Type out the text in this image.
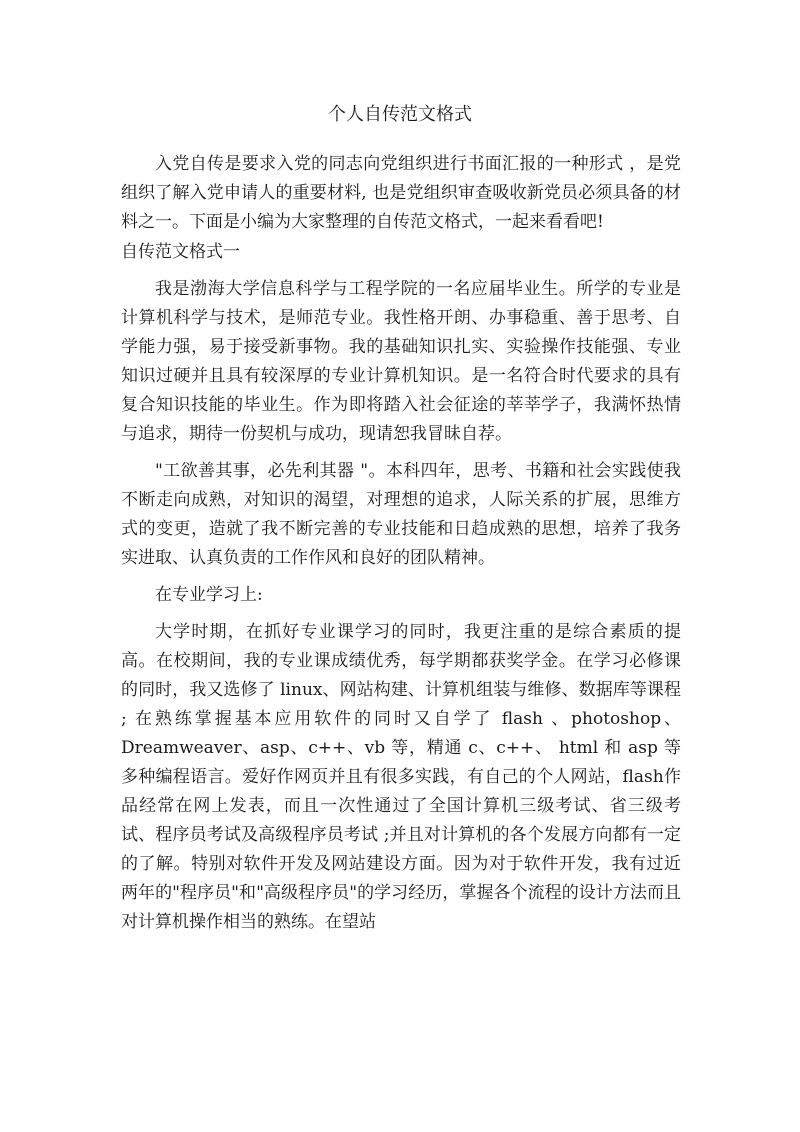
个人自传范文格式

入党自传是要求入党的同志向党组织进行书面汇报的一种形式 ，是党组织了解入党申请人的重要材料, 也是党组织审查吸收新党员必须具备的材料之一。下面是小编为大家整理的自传范文格式，一起来看看吧!

自传范文格式一

我是渤海大学信息科学与工程学院的一名应届毕业生。所学的专业是计算机科学与技术，是师范专业。我性格开朗、办事稳重、善于思考、自学能力强，易于接受新事物。我的基础知识扎实、实验操作技能强、专业知识过硬并且具有较深厚的专业计算机知识。是一名符合时代要求的具有复合知识技能的毕业生。作为即将踏入社会征途的莘莘学子，我满怀热情与追求，期待一份契机与成功，现请恕我冒昧自荐。

"工欲善其事，必先利其器 "。本科四年，思考、书籍和社会实践使我不断走向成熟，对知识的渴望，对理想的追求，人际关系的扩展，思维方式的变更，造就了我不断完善的专业技能和日趋成熟的思想，培养了我务实进取、认真负责的工作作风和良好的团队精神。

在专业学习上:

大学时期，在抓好专业课学习的同时，我更注重的是综合素质的提高。在校期间，我的专业课成绩优秀，每学期都获奖学金。在学习必修课的同时，我又选修了 linux、网站构建、计算机组装与维修、数据库等课程 ; 在熟练掌握基本应用软件的同时又自学了 flash 、photoshop、Dreamweaver、asp、c++、vb 等，精通 c、c++、 html 和 asp 等多种编程语言。爱好作网页并且有很多实践，有自己的个人网站，flash作品经常在网上发表，而且一次性通过了全国计算机三级考试、省三级考试、程序员考试及高级程序员考试 ;并且对计算机的各个发展方向都有一定的了解。特别对软件开发及网站建设方面。因为对于软件开发，我有过近两年的"程序员"和"高级程序员"的学习经历，掌握各个流程的设计方法而且对计算机操作相当的熟练。在望站
